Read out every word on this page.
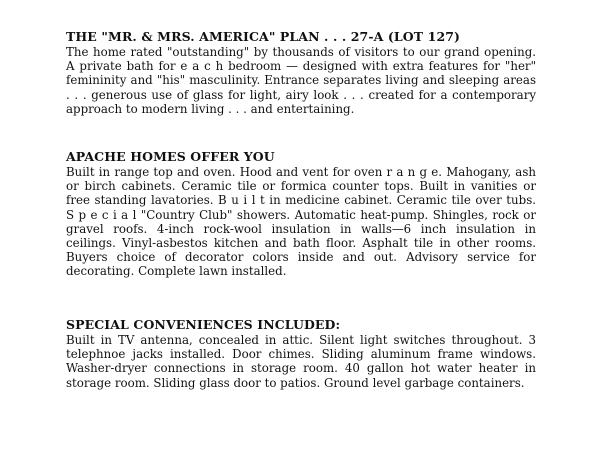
THE "MR. & MRS. AMERICA" PLAN . . . 27-A (LOT 127)

The home rated "outstanding" by thousands of visitors to our grand opening. A private bath for e a c h bedroom — designed with extra features for "her" femininity and "his" masculinity. Entrance separates living and sleeping areas . . . generous use of glass for light, airy look . . . created for a contemporary approach to modern living . . . and entertaining.

APACHE HOMES OFFER YOU

Built in range top and oven. Hood and vent for oven r a n g e. Mahogany, ash or birch cabinets. Ceramic tile or formica counter tops. Built in vanities or free standing lavatories. B u i l t in medicine cabinet. Ceramic tile over tubs. S p e c i a l "Country Club" showers. Automatic heat-pump. Shingles, rock or gravel roofs. 4-inch rock-wool insulation in walls—6 inch insulation in ceilings. Vinyl-asbestos kitchen and bath floor. Asphalt tile in other rooms. Buyers choice of decorator colors inside and out. Advisory service for decorating. Complete lawn installed.

SPECIAL CONVENIENCES INCLUDED:

Built in TV antenna, concealed in attic. Silent light switches throughout. 3 telephnoe jacks installed. Door chimes. Sliding aluminum frame windows. Washer-dryer connections in storage room. 40 gallon hot water heater in storage room. Sliding glass door to patios. Ground level garbage containers.
